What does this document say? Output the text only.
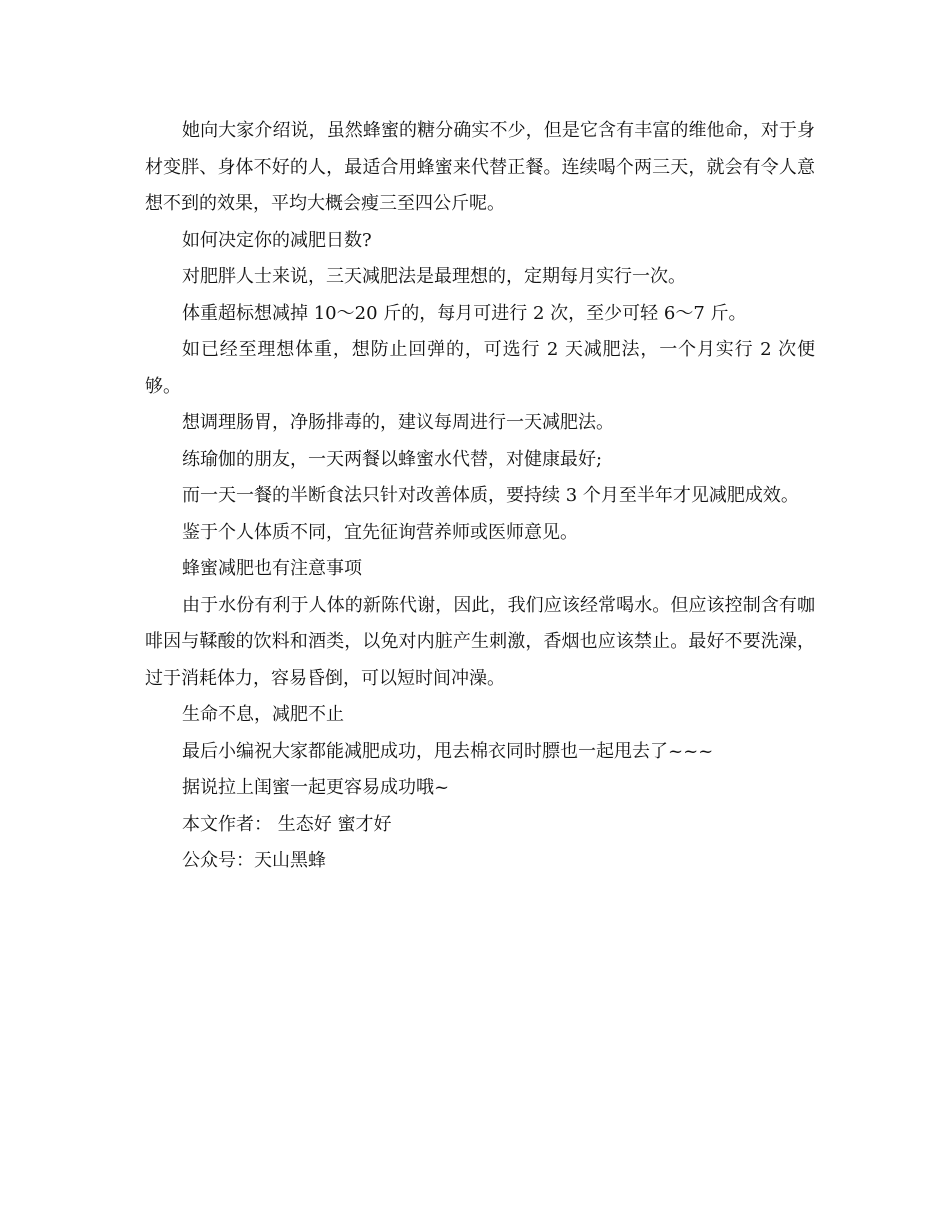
她向大家介绍说，虽然蜂蜜的糖分确实不少，但是它含有丰富的维他命，对于身材变胖、身体不好的人，最适合用蜂蜜来代替正餐。连续喝个两三天，就会有令人意想不到的效果，平均大概会瘦三至四公斤呢。

如何决定你的减肥日数?

对肥胖人士来说，三天减肥法是最理想的，定期每月实行一次。

体重超标想减掉 10～20 斤的，每月可进行 2 次，至少可轻 6～7 斤。

如已经至理想体重，想防止回弹的，可选行 2 天减肥法，一个月实行 2 次便够。

想调理肠胃，净肠排毒的，建议每周进行一天减肥法。

练瑜伽的朋友，一天两餐以蜂蜜水代替，对健康最好;

而一天一餐的半断食法只针对改善体质，要持续 3 个月至半年才见减肥成效。

鉴于个人体质不同，宜先征询营养师或医师意见。

蜂蜜减肥也有注意事项

由于水份有利于人体的新陈代谢，因此，我们应该经常喝水。但应该控制含有咖啡因与鞣酸的饮料和酒类，以免对内脏产生刺激，香烟也应该禁止。最好不要洗澡，过于消耗体力，容易昏倒，可以短时间冲澡。

生命不息，减肥不止

最后小编祝大家都能减肥成功，甩去棉衣同时膘也一起甩去了~~~

据说拉上闺蜜一起更容易成功哦~

本文作者： 生态好 蜜才好

公众号：天山黑蜂
